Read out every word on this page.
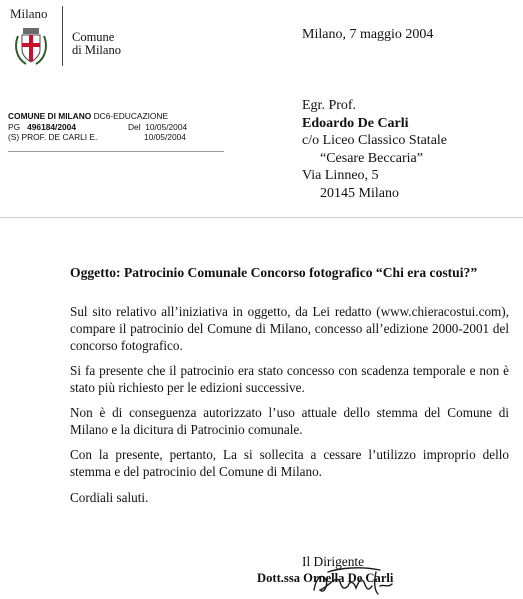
Milano
Comune
di Milano
Milano, 7 maggio 2004
COMUNE DI MILANO DC6-EDUCAZIONE
PG 496184/2004	Del 10/05/2004
(S) PROF. DE CARLI E.	10/05/2004
Egr. Prof.
Edoardo De Carli
c/o Liceo Classico Statale
“Cesare Beccaria”
Via Linneo, 5
20145 Milano
Oggetto: Patrocinio Comunale Concorso fotografico “Chi era costui?”
Sul sito relativo all’iniziativa in oggetto, da Lei redatto (www.chieracostui.com), compare il patrocinio del Comune di Milano, concesso all’edizione 2000-2001 del concorso fotografico.
Si fa presente che il patrocinio era stato concesso con scadenza temporale e non è stato più richiesto per le edizioni successive.
Non è di conseguenza autorizzato l’uso attuale dello stemma del Comune di Milano e la dicitura di Patrocinio comunale.
Con la presente, pertanto, La si sollecita a cessare l’utilizzo improprio dello stemma e del patrocinio del Comune di Milano.
Cordiali saluti.
Il Dirigente
Dott.ssa Ornella De Carli
